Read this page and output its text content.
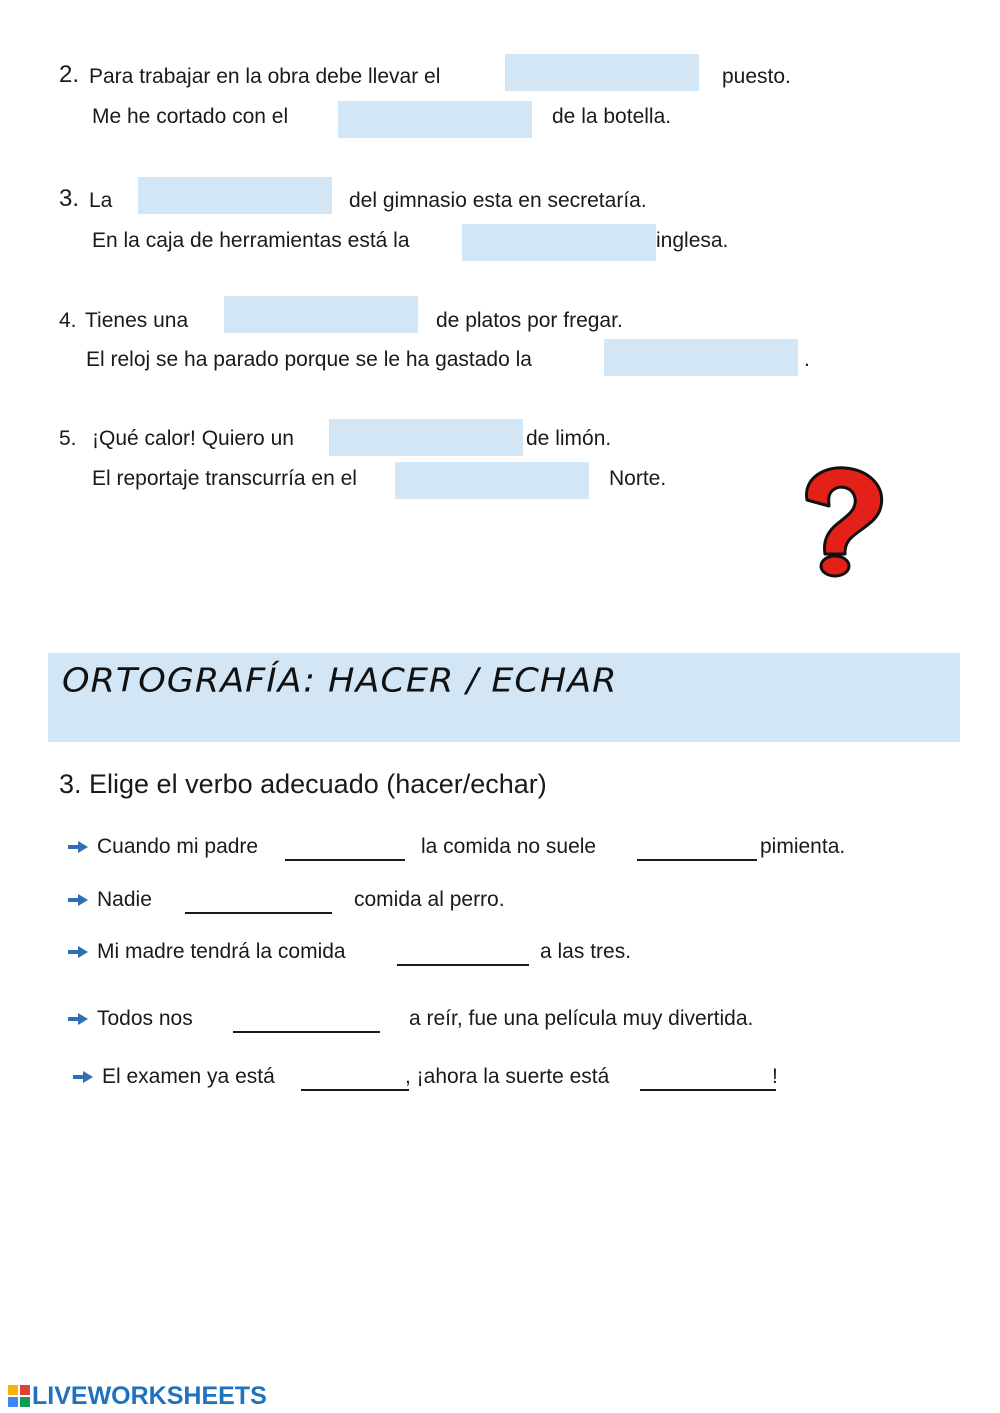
2. Para trabajar en la obra debe llevar el	puesto.
Me he cortado con el	de la botella.
3. La	del gimnasio esta en secretaría.
En la caja de herramientas está la	inglesa.
4. Tienes una	de platos por fregar.
El reloj se ha parado porque se le ha gastado la	.
5. ¡Qué calor! Quiero un	de limón.
El reportaje transcurría en el	Norte.
ORTOGRAFÍA: HACER / ECHAR
3. Elige el verbo adecuado (hacer/echar)
Cuando mi padre	la comida no suele	pimienta.
Nadie	comida al perro.
Mi madre tendrá la comida	a las tres.
Todos nos	a reír, fue una película muy divertida.
El examen ya está	, ¡ahora la suerte está	!
LIVEWORKSHEETS
